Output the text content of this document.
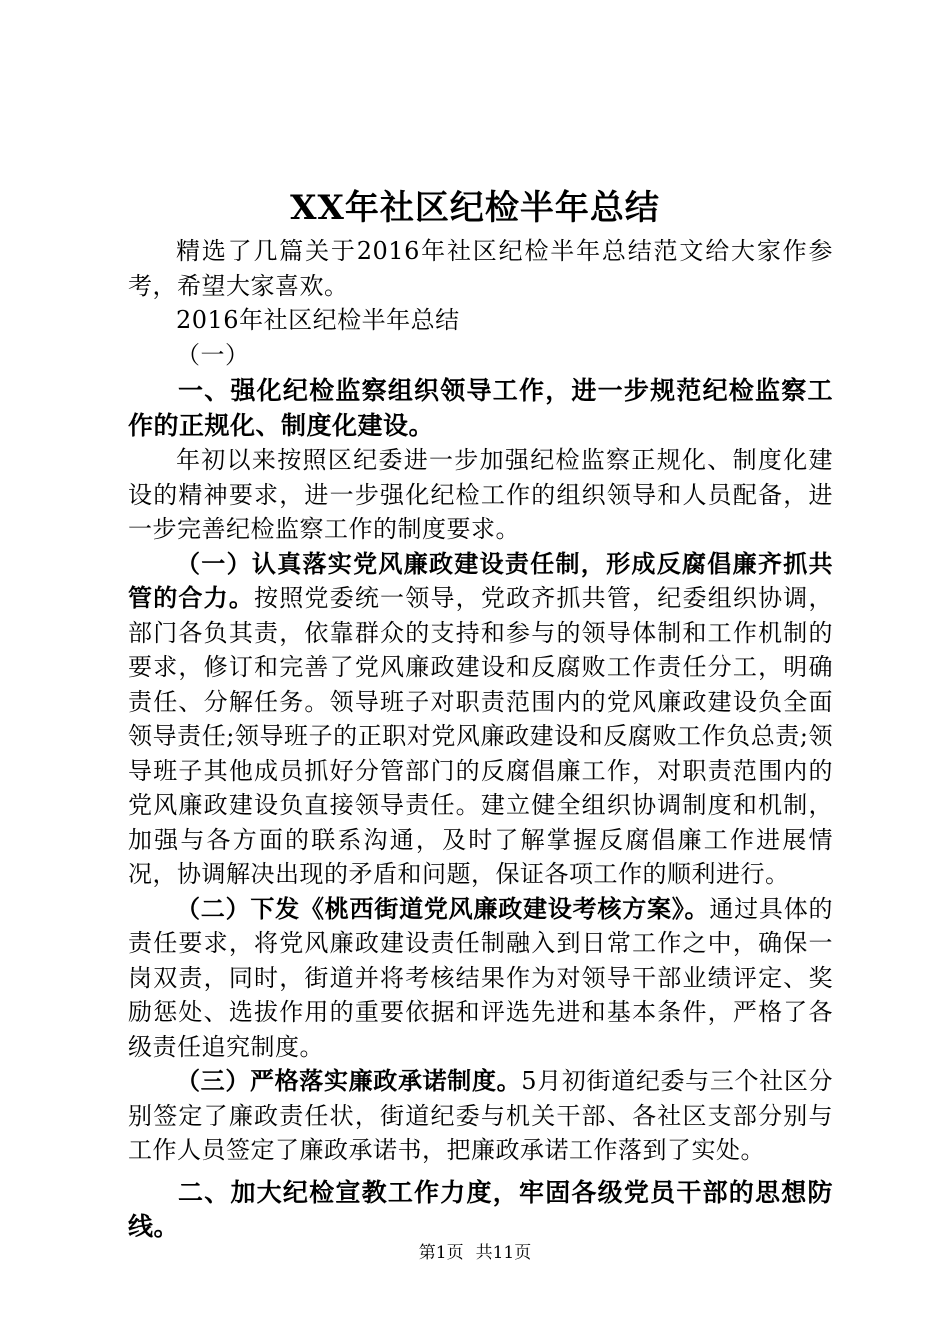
XX年社区纪检半年总结

精选了几篇关于2016年社区纪检半年总结范文给大家作参考，希望大家喜欢。

2016年社区纪检半年总结

（一）

一、强化纪检监察组织领导工作，进一步规范纪检监察工作的正规化、制度化建设。

年初以来按照区纪委进一步加强纪检监察正规化、制度化建设的精神要求，进一步强化纪检工作的组织领导和人员配备，进一步完善纪检监察工作的制度要求。

（一）认真落实党风廉政建设责任制，形成反腐倡廉齐抓共管的合力。按照党委统一领导，党政齐抓共管，纪委组织协调，部门各负其责，依靠群众的支持和参与的领导体制和工作机制的要求，修订和完善了党风廉政建设和反腐败工作责任分工，明确责任、分解任务。领导班子对职责范围内的党风廉政建设负全面领导责任;领导班子的正职对党风廉政建设和反腐败工作负总责;领导班子其他成员抓好分管部门的反腐倡廉工作，对职责范围内的党风廉政建设负直接领导责任。建立健全组织协调制度和机制，加强与各方面的联系沟通，及时了解掌握反腐倡廉工作进展情况，协调解决出现的矛盾和问题，保证各项工作的顺利进行。

（二）下发《桃西街道党风廉政建设考核方案》。通过具体的责任要求，将党风廉政建设责任制融入到日常工作之中，确保一岗双责，同时，街道并将考核结果作为对领导干部业绩评定、奖励惩处、选拔作用的重要依据和评选先进和基本条件，严格了各级责任追究制度。

（三）严格落实廉政承诺制度。5月初街道纪委与三个社区分别签定了廉政责任状，街道纪委与机关干部、各社区支部分别与工作人员签定了廉政承诺书，把廉政承诺工作落到了实处。

二、加大纪检宣教工作力度，牢固各级党员干部的思想防线。

第1页 共11页
